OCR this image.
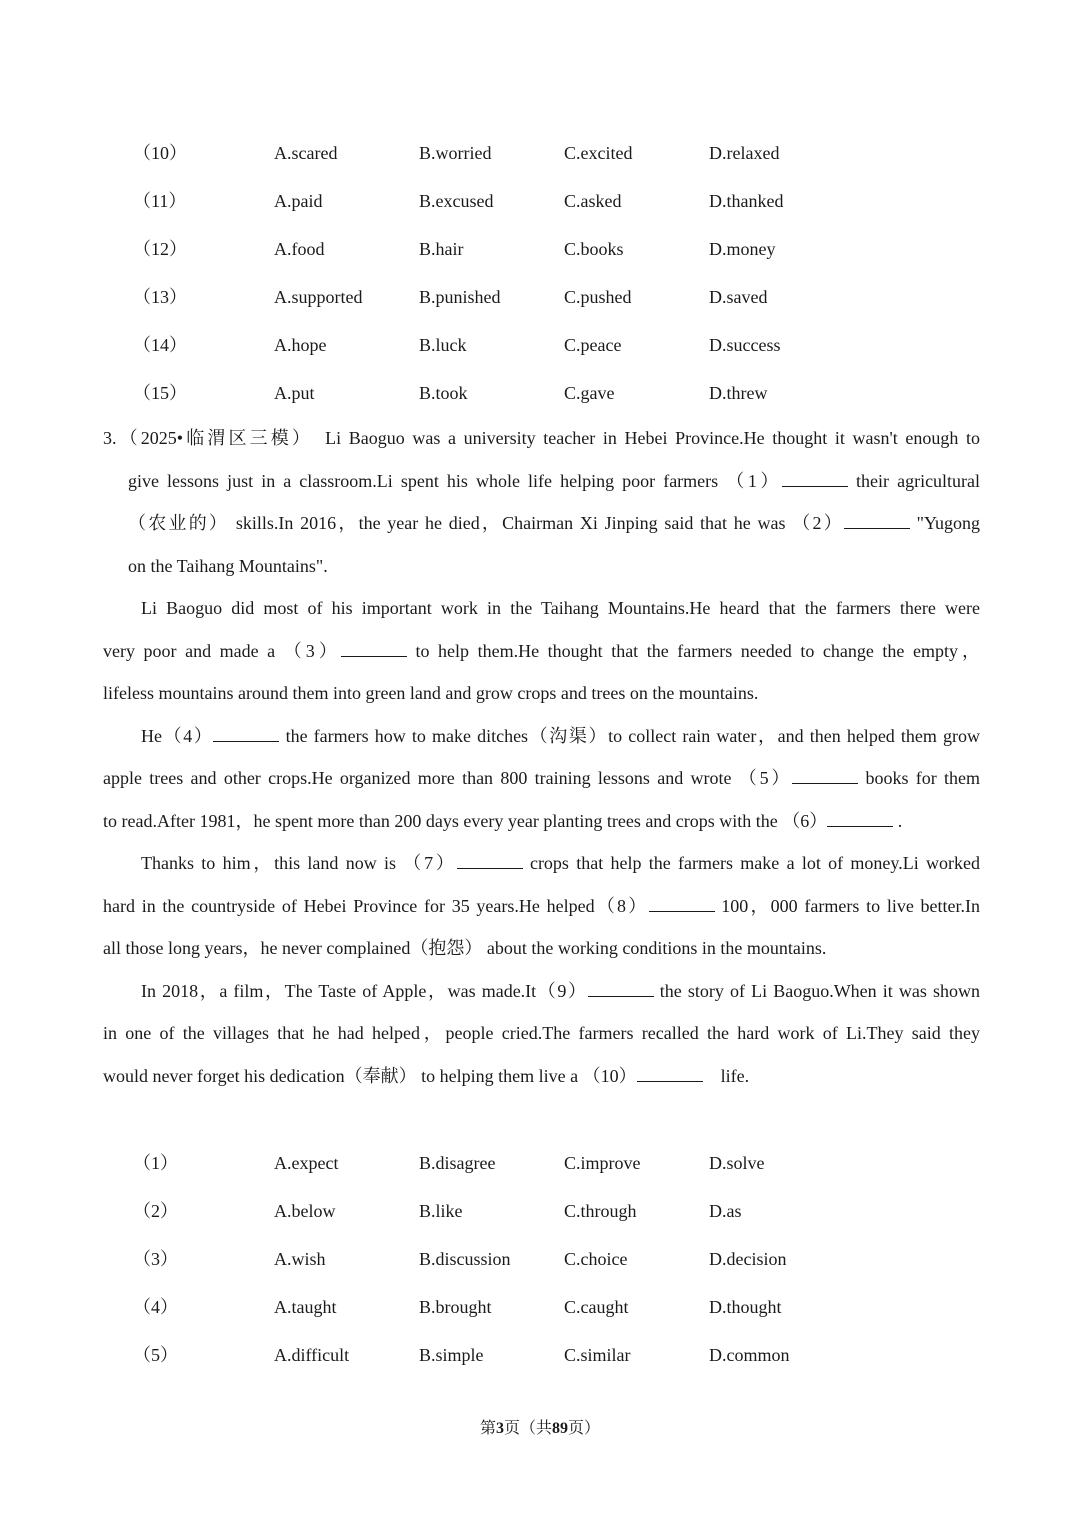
（10）	A.scared	B.worried	C.excited	D.relaxed
（11）	A.paid	B.excused	C.asked	D.thanked
（12）	A.food	B.hair	C.books	D.money
（13）	A.supported	B.punished	C.pushed	D.saved
（14）	A.hope	B.luck	C.peace	D.success
（15）	A.put	B.took	C.gave	D.threw
3.（2025•临渭区三模）　 Li Baoguo was a university teacher in Hebei Province.He thought it wasn't enough to
give lessons just in a classroom.Li spent his whole life helping poor farmers （1）	their agricultural
（农业的） skills.In 2016，the year he died，Chairman Xi Jinping said that he was （2）	"Yugong
on the Taihang Mountains".
Li Baoguo did most of his important work in the Taihang Mountains.He heard that the farmers there were
very poor and made a （3）	to help them.He thought that the farmers needed to change the empty，
lifeless mountains around them into green land and grow crops and trees on the mountains.
He（4）	the farmers how to make ditches（沟渠）to collect rain water，and then helped them grow
apple trees and other crops.He organized more than 800 training lessons and wrote （5）	books for them
to read.After 1981，he spent more than 200 days every year planting trees and crops with the （6）	.
Thanks to him，this land now is （7）	crops that help the farmers make a lot of money.Li worked
hard in the countryside of Hebei Province for 35 years.He helped（8）	100，000 farmers to live better.In
all those long years，he never complained（抱怨） about the working conditions in the mountains.
In 2018，a film，The Taste of Apple，was made.It（9）	the story of Li Baoguo.When it was shown
in one of the villages that he had helped，people cried.The farmers recalled the hard work of Li.They said they
would never forget his dedication（奉献） to helping them live a （10）　	life.
（1）	A.expect	B.disagree	C.improve	D.solve
（2）	A.below	B.like	C.through	D.as
（3）	A.wish	B.discussion	C.choice	D.decision
（4）	A.taught	B.brought	C.caught	D.thought
（5）	A.difficult	B.simple	C.similar	D.common
第3页（共89页）
